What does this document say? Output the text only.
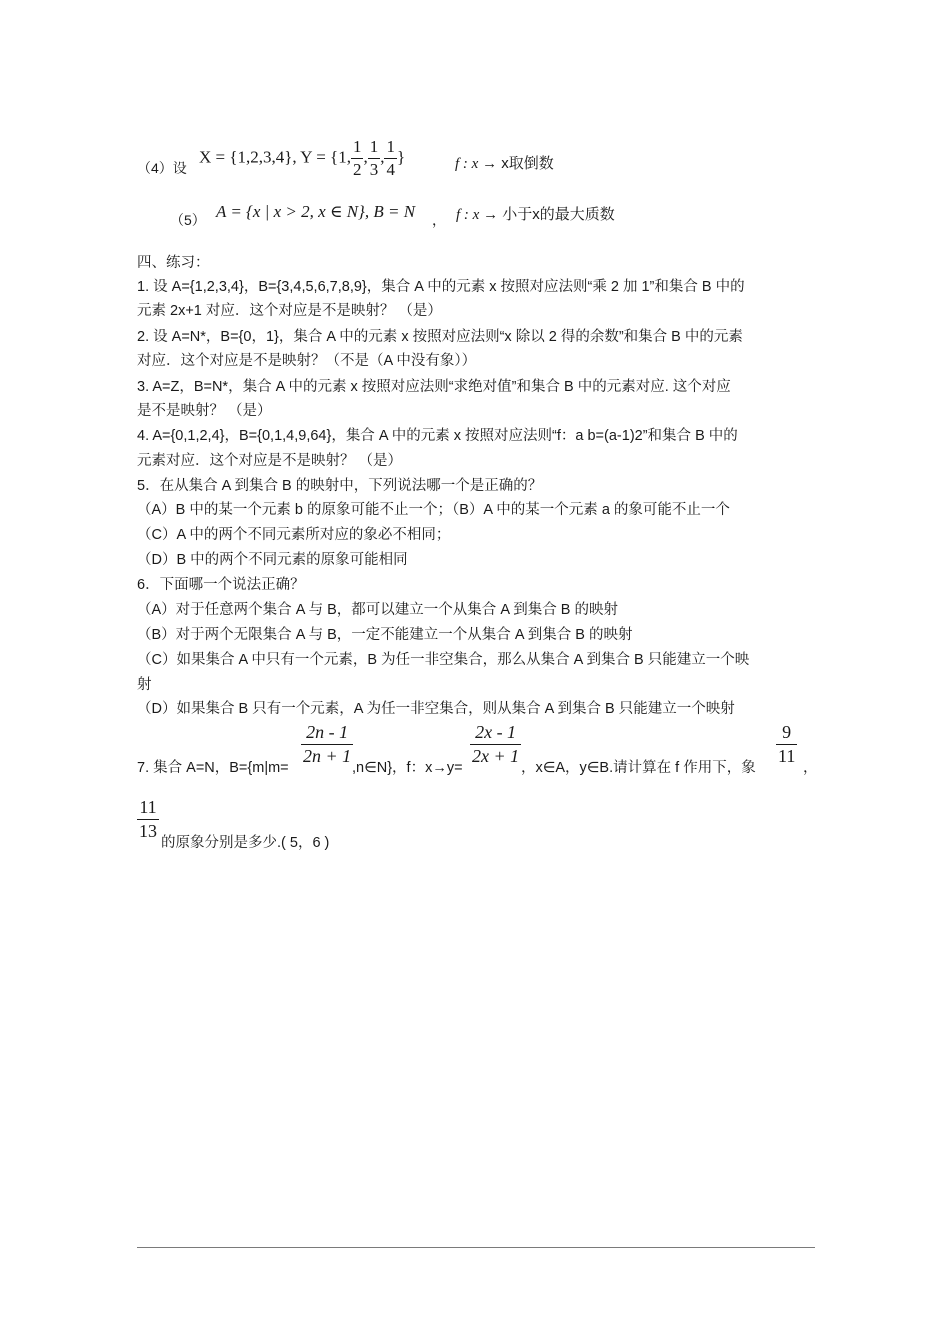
（4）设
X = {1,2,3,4}, Y = {1, $\frac{1}{2}$ , $\frac{1}{3}$ , $\frac{1}{4}$ }	f : x → x取倒数
（5） A = {x | x > 2, x ∈ N}, B = N ， f : x → 小于x的最大质数
四、练习：
1. 设 A={1,2,3,4}，B={3,4,5,6,7,8,9}，集合 A 中的元素 x 按照对应法则“乘 2 加 1”和集合 B 中的
元素 2x+1 对应．这个对应是不是映射？ （是）
2. 设 A=N*，B={0，1}，集合 A 中的元素 x 按照对应法则“x 除以 2 得的余数”和集合 B 中的元素
对应．这个对应是不是映射？（不是（A 中没有象））
3. A=Z，B=N*，集合 A 中的元素 x 按照对应法则“求绝对值”和集合 B 中的元素对应. 这个对应
是不是映射？ （是）
4. A={0,1,2,4}，B={0,1,4,9,64}，集合 A 中的元素 x 按照对应法则“f：a b=(a-1)2”和集合 B 中的
元素对应．这个对应是不是映射？ （是）
5．在从集合 A 到集合 B 的映射中，下列说法哪一个是正确的？
（A）B 中的某一个元素 b 的原象可能不止一个；（B）A 中的某一个元素 a 的象可能不止一个
（C）A 中的两个不同元素所对应的象必不相同；
（D）B 中的两个不同元素的原象可能相同
6．下面哪一个说法正确？
（A）对于任意两个集合 A 与 B，都可以建立一个从集合 A 到集合 B 的映射
（B）对于两个无限集合 A 与 B，一定不能建立一个从集合 A 到集合 B 的映射
（C）如果集合 A 中只有一个元素，B 为任一非空集合，那么从集合 A 到集合 B 只能建立一个映
射
（D）如果集合 B 只有一个元素，A 为任一非空集合，则从集合 A 到集合 B 只能建立一个映射
7. 集合 A=N，B={m|m=
$\frac{2n - 1}{2n + 1}$
,n∈N}，f：x→y=
$\frac{2x - 1}{2x + 1}$
，x∈A，y∈B.请计算在 f 作用下，象
$\frac{9}{11}$
，
$\frac{11}{13}$
的原象分别是多少.( 5，6 )
